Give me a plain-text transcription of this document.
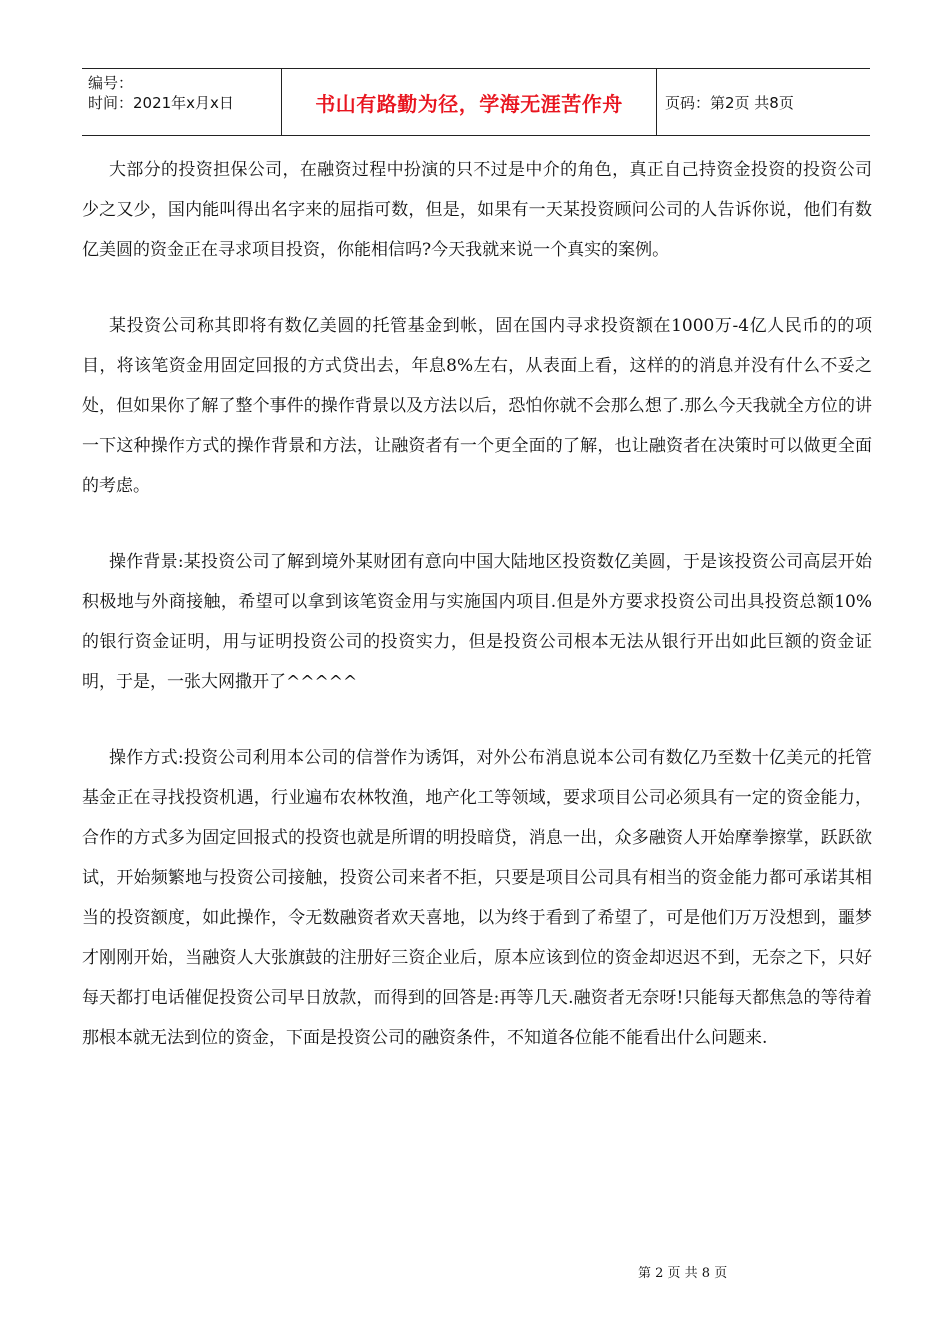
编号：
时间：2021年x月x日	书山有路勤为径，学海无涯苦作舟	页码：第2页 共8页

大部分的投资担保公司，在融资过程中扮演的只不过是中介的角色，真正自己持资金投资的投资公司少之又少，国内能叫得出名字来的屈指可数，但是，如果有一天某投资顾问公司的人告诉你说，他们有数亿美圆的资金正在寻求项目投资，你能相信吗?今天我就来说一个真实的案例。

某投资公司称其即将有数亿美圆的托管基金到帐，固在国内寻求投资额在1000万-4亿人民币的的项目，将该笔资金用固定回报的方式贷出去，年息8%左右，从表面上看，这样的的消息并没有什么不妥之处，但如果你了解了整个事件的操作背景以及方法以后，恐怕你就不会那么想了.那么今天我就全方位的讲一下这种操作方式的操作背景和方法，让融资者有一个更全面的了解，也让融资者在决策时可以做更全面的考虑。

操作背景:某投资公司了解到境外某财团有意向中国大陆地区投资数亿美圆，于是该投资公司高层开始积极地与外商接触，希望可以拿到该笔资金用与实施国内项目.但是外方要求投资公司出具投资总额10%的银行资金证明，用与证明投资公司的投资实力，但是投资公司根本无法从银行开出如此巨额的资金证明，于是，一张大网撒开了^^^^^

操作方式:投资公司利用本公司的信誉作为诱饵，对外公布消息说本公司有数亿乃至数十亿美元的托管基金正在寻找投资机遇，行业遍布农林牧渔，地产化工等领域，要求项目公司必须具有一定的资金能力，合作的方式多为固定回报式的投资也就是所谓的明投暗贷，消息一出，众多融资人开始摩拳擦掌，跃跃欲试，开始频繁地与投资公司接触，投资公司来者不拒，只要是项目公司具有相当的资金能力都可承诺其相当的投资额度，如此操作，令无数融资者欢天喜地，以为终于看到了希望了，可是他们万万没想到，噩梦才刚刚开始，当融资人大张旗鼓的注册好三资企业后，原本应该到位的资金却迟迟不到，无奈之下，只好每天都打电话催促投资公司早日放款，而得到的回答是:再等几天.融资者无奈呀!只能每天都焦急的等待着那根本就无法到位的资金，下面是投资公司的融资条件，不知道各位能不能看出什么问题来.

第 2 页 共 8 页
